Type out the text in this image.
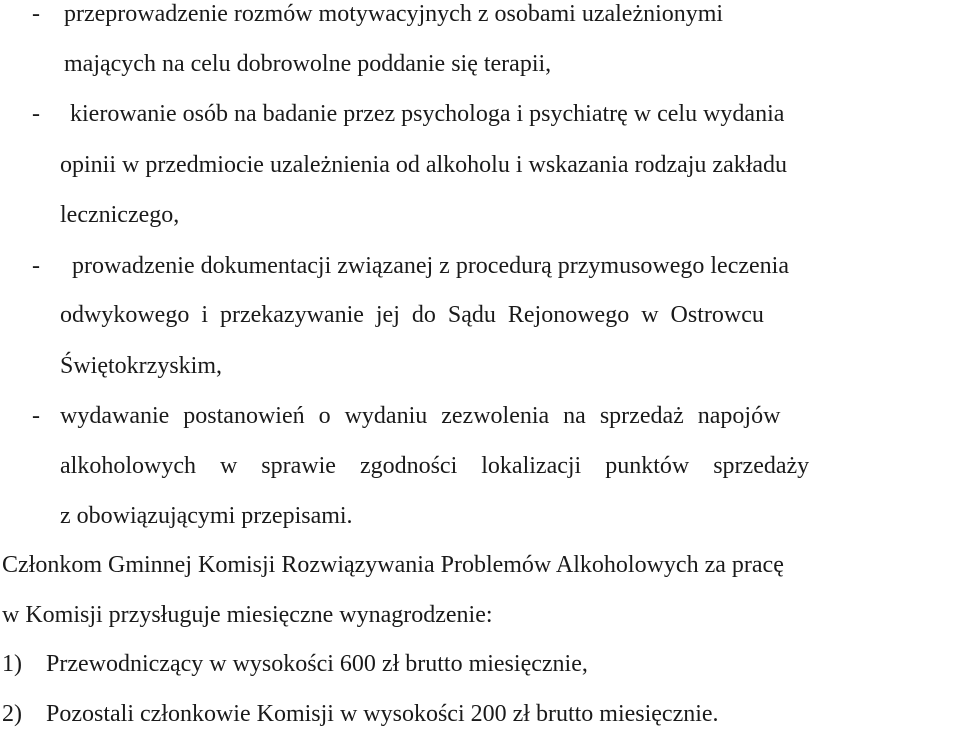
-	przeprowadzenie rozmów motywacyjnych z osobami uzależnionymi
mających na celu dobrowolne poddanie się terapii,
-	kierowanie osób na badanie przez psychologa i psychiatrę w celu wydania
opinii w przedmiocie uzależnienia od alkoholu i wskazania rodzaju zakładu
leczniczego,
-	prowadzenie dokumentacji związanej z procedurą przymusowego leczenia
odwykowego i przekazywanie jej do Sądu Rejonowego w Ostrowcu
Świętokrzyskim,
- wydawanie postanowień o wydaniu zezwolenia na sprzedaż napojów
alkoholowych w sprawie zgodności lokalizacji punktów sprzedaży
z obowiązującymi przepisami.
Członkom Gminnej Komisji Rozwiązywania Problemów Alkoholowych za pracę
w Komisji przysługuje miesięczne wynagrodzenie:
1)	Przewodniczący w wysokości 600 zł brutto miesięcznie,
2)	Pozostali członkowie Komisji w wysokości 200 zł brutto miesięcznie.
